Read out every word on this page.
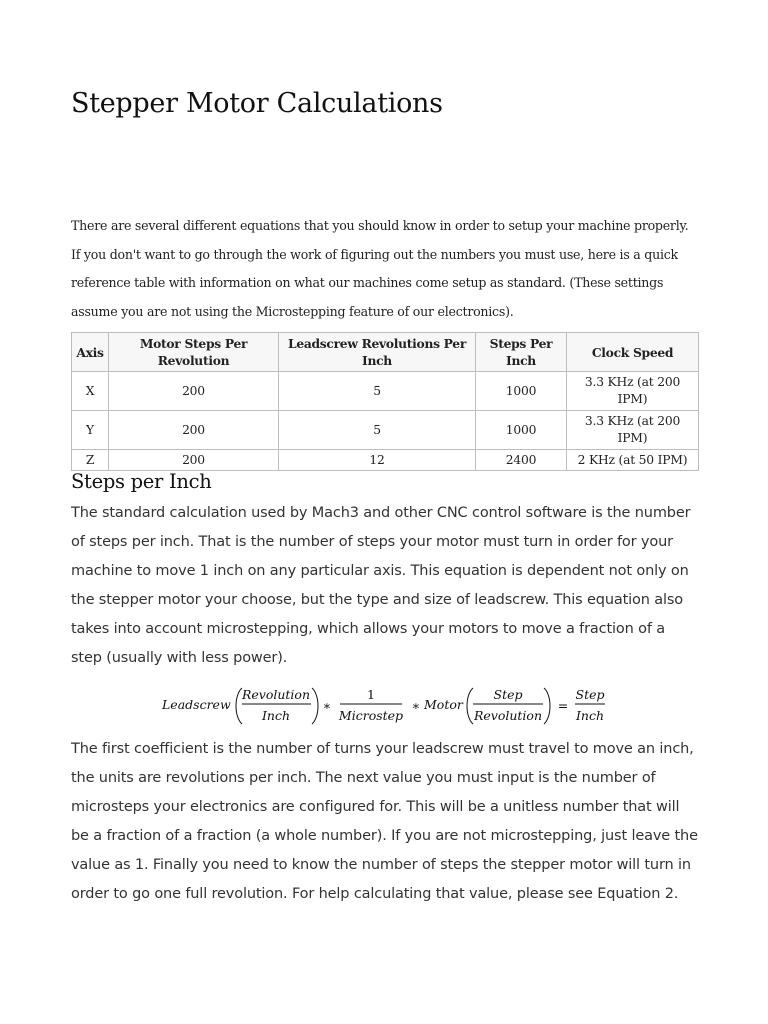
Stepper Motor Calculations

There are several different equations that you should know in order to setup your machine properly. If you don't want to go through the work of figuring out the numbers you must use, here is a quick reference table with information on what our machines come setup as standard. (These settings assume you are not using the Microstepping feature of our electronics).

Axis	Motor Steps Per Revolution	Leadscrew Revolutions Per Inch	Steps Per Inch	Clock Speed
X	200	5	1000	3.3 KHz (at 200 IPM)
Y	200	5	1000	3.3 KHz (at 200 IPM)
Z	200	12	2400	2 KHz (at 50 IPM)
Steps per Inch

The standard calculation used by Mach3 and other CNC control software is the number of steps per inch. That is the number of steps your motor must turn in order for your machine to move 1 inch on any particular axis. This equation is dependent not only on the stepper motor your choose, but the type and size of leadscrew. This equation also takes into account microstepping, which allows your motors to move a fraction of a step (usually with less power).

Leadscrew
Revolution
Inch
∗
1
Microstep
∗ Motor
Step
Revolution
=
Step
Inch

The first coefficient is the number of turns your leadscrew must travel to move an inch, the units are revolutions per inch. The next value you must input is the number of microsteps your electronics are configured for. This will be a unitless number that will be a fraction of a fraction (a whole number). If you are not microstepping, just leave the value as 1. Finally you need to know the number of steps the stepper motor will turn in order to go one full revolution. For help calculating that value, please see Equation 2.
